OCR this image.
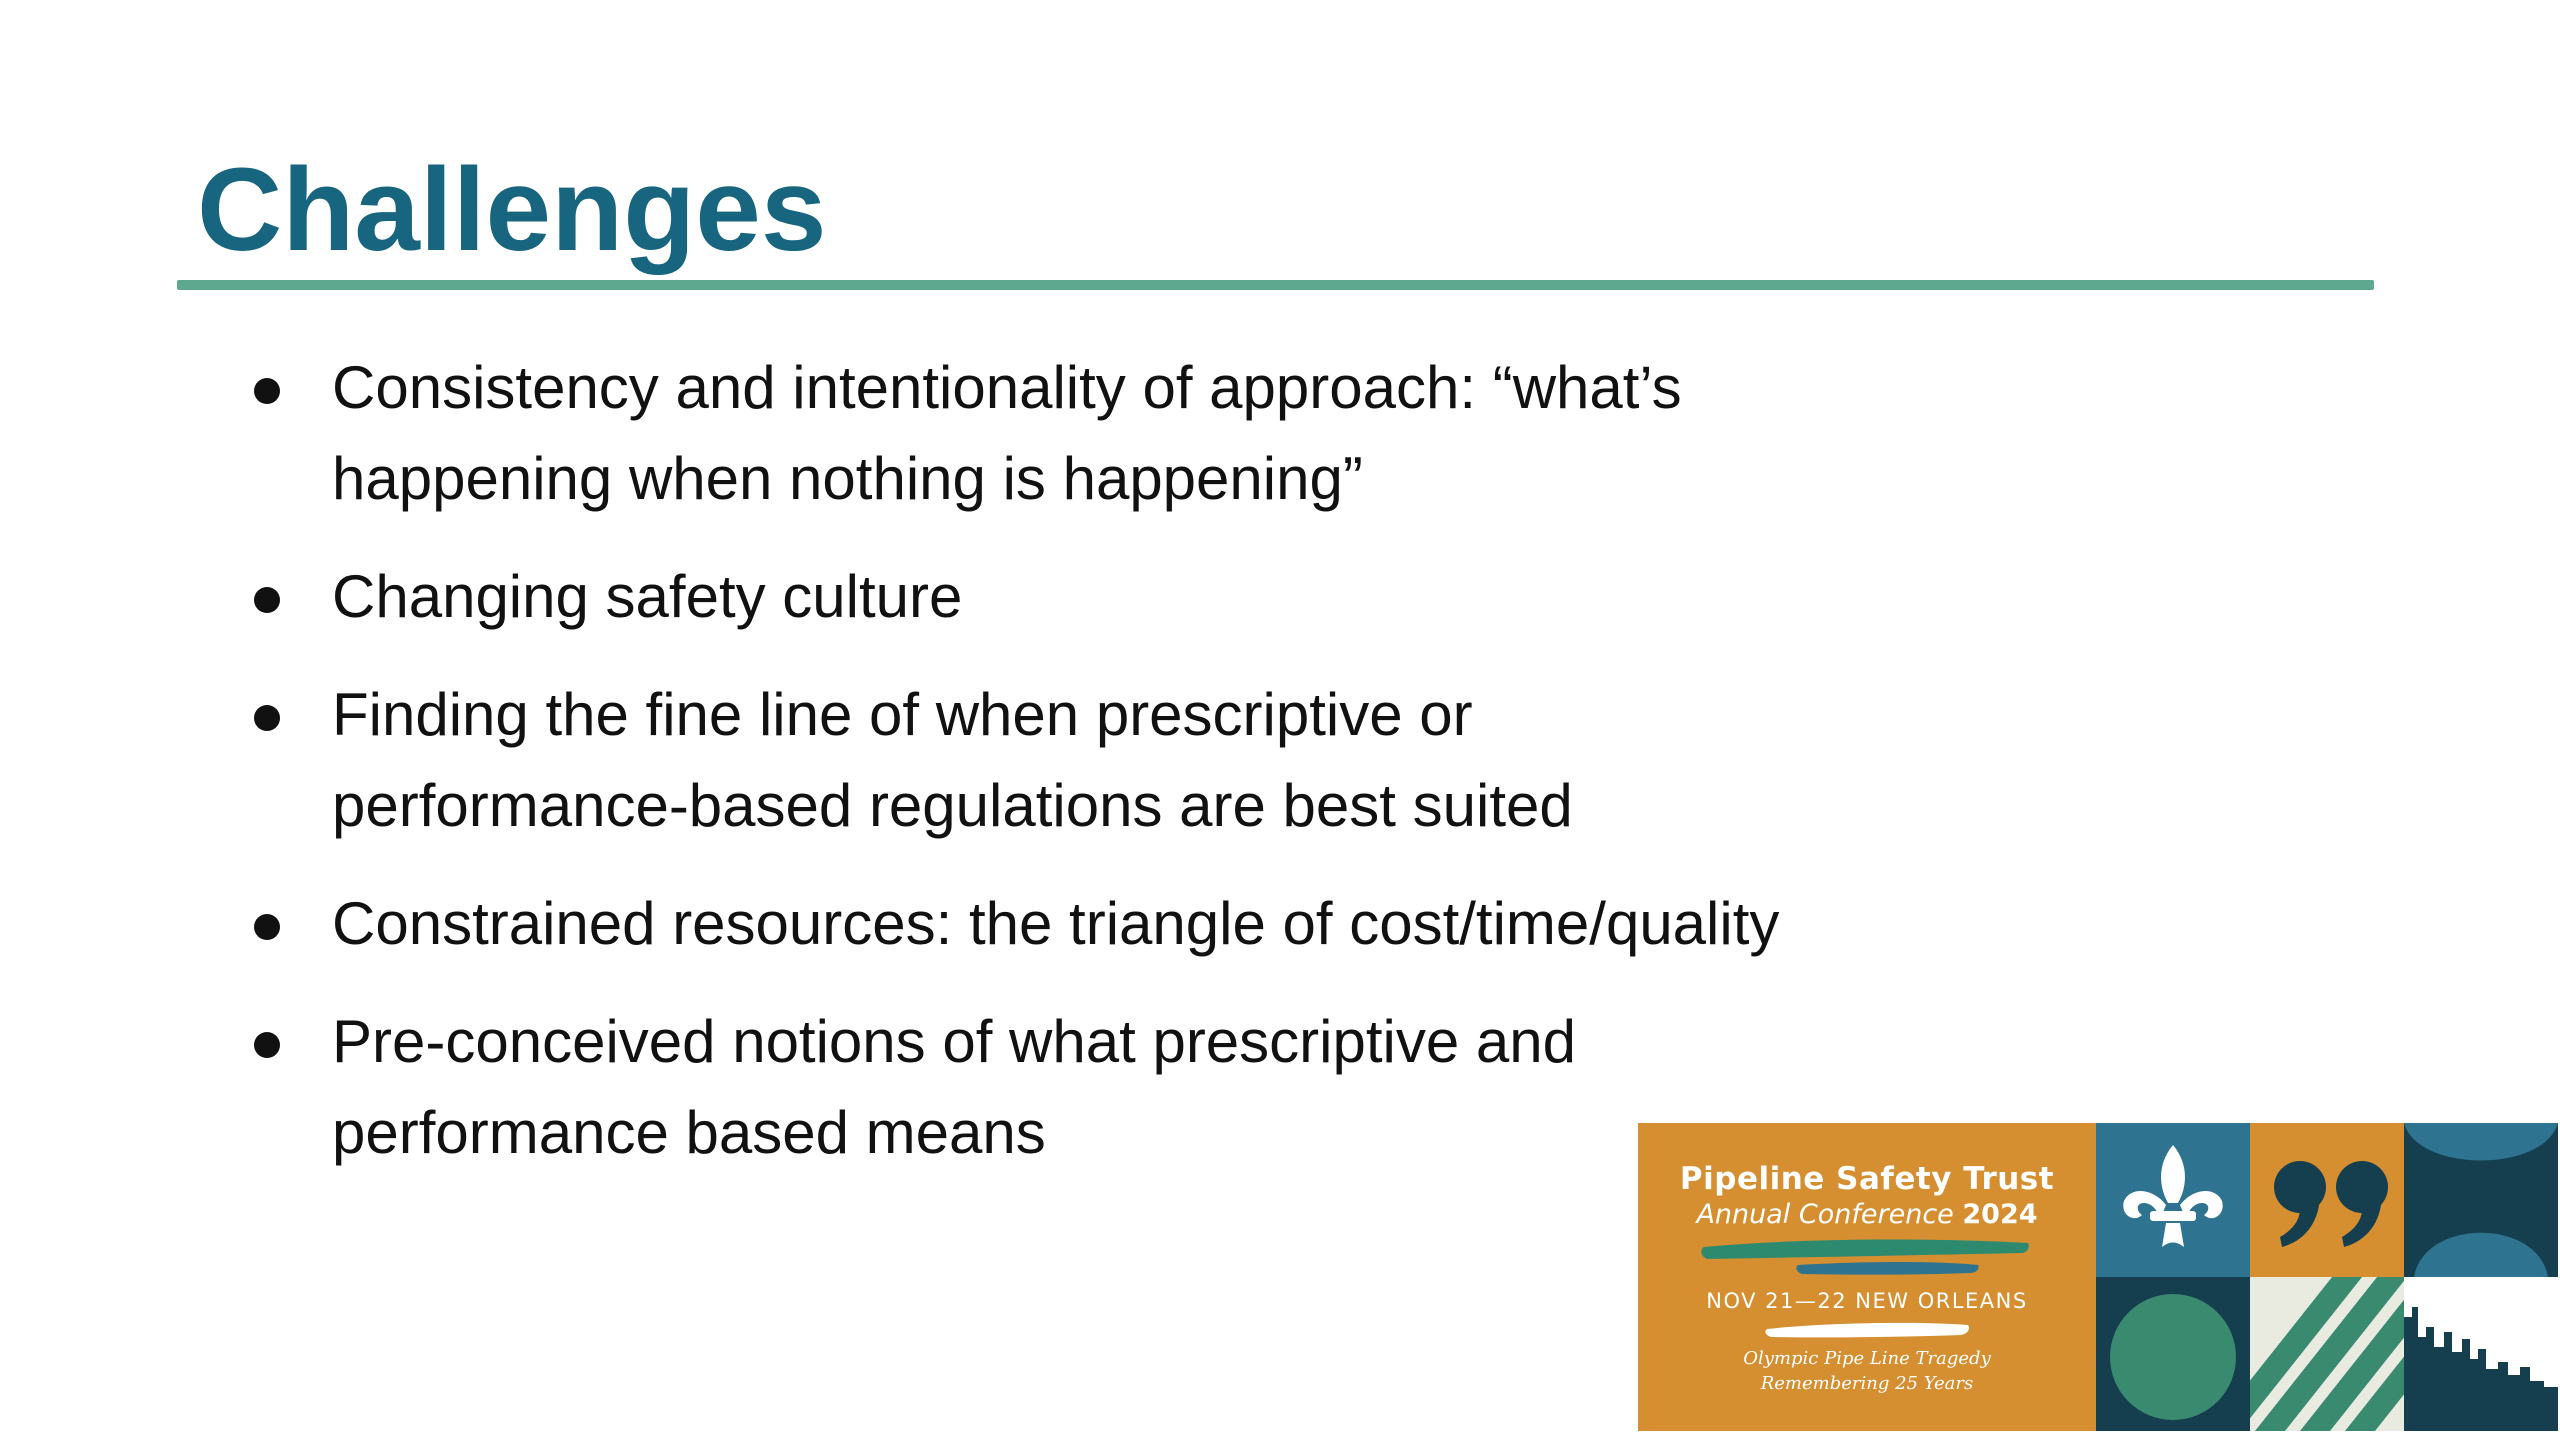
Challenges
Consistency and intentionality of approach: “what’s
happening when nothing is happening”
Changing safety culture
Finding the fine line of when prescriptive or
performance-based regulations are best suited
Constrained resources: the triangle of cost/time/quality
Pre-conceived notions of what prescriptive and
performance based means
Pipeline Safety Trust
Annual Conference 2024
NOV 21—22 NEW ORLEANS
Olympic Pipe Line Tragedy
Remembering 25 Years
